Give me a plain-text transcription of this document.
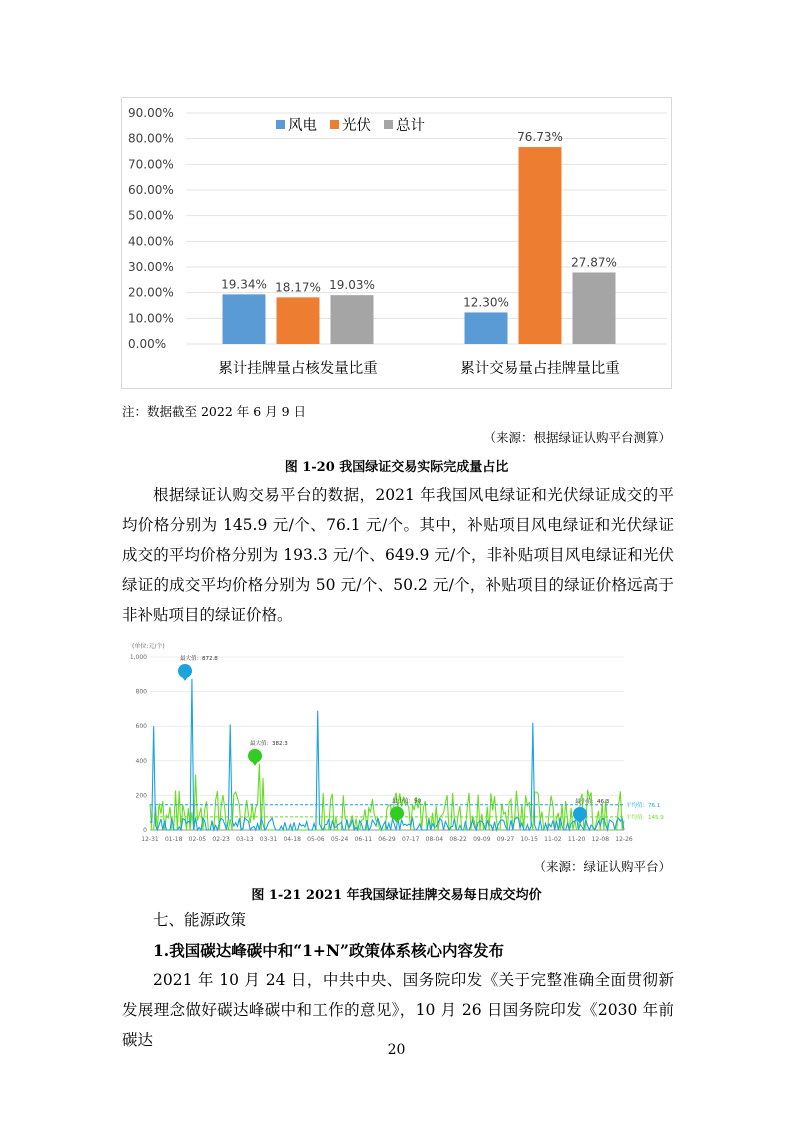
0.00%
10.00%
20.00%
30.00%
40.00%
50.00%
60.00%
70.00%
80.00%
90.00%
19.34% 18.17% 19.03%
累计挂牌量占核发量比重
12.30%
76.73%
27.87%
累计交易量占挂牌量比重
风电 光伏 总计
注：数据截至 2022 年 6 月 9 日
（来源：根据绿证认购平台测算）
图 1-20 我国绿证交易实际完成量占比

根据绿证认购交易平台的数据，2021 年我国风电绿证和光伏绿证成交的平均价格分别为 145.9 元/个、76.1 元/个。其中，补贴项目风电绿证和光伏绿证成交的平均价格分别为 193.3 元/个、649.9 元/个，非补贴项目风电绿证和光伏绿证的成交平均价格分别为 50 元/个、50.2 元/个，补贴项目的绿证价格远高于非补贴项目的绿证价格。

(单位:元/个)
0
200
400
600
800
1,000
12-31 01-18 02-05 02-23 03-13 03-31 04-18 05-06 05-24 06-11 06-29 07-17 08-04 08-22 09-09 09-27 10-15 11-02 11-20 12-08 12-26
平均值：145.9
平均值：76.1
最大值：872.8
最大值：382.3
最小值：50	最小值：46.3
（来源：绿证认购平台）
图 1-21 2021 年我国绿证挂牌交易每日成交均价
七、能源政策
1.我国碳达峰碳中和“1+N”政策体系核心内容发布

2021 年 10 月 24 日，中共中央、国务院印发《关于完整准确全面贯彻新发展理念做好碳达峰碳中和工作的意见》，10 月 26 日国务院印发《2030 年前碳达

20
